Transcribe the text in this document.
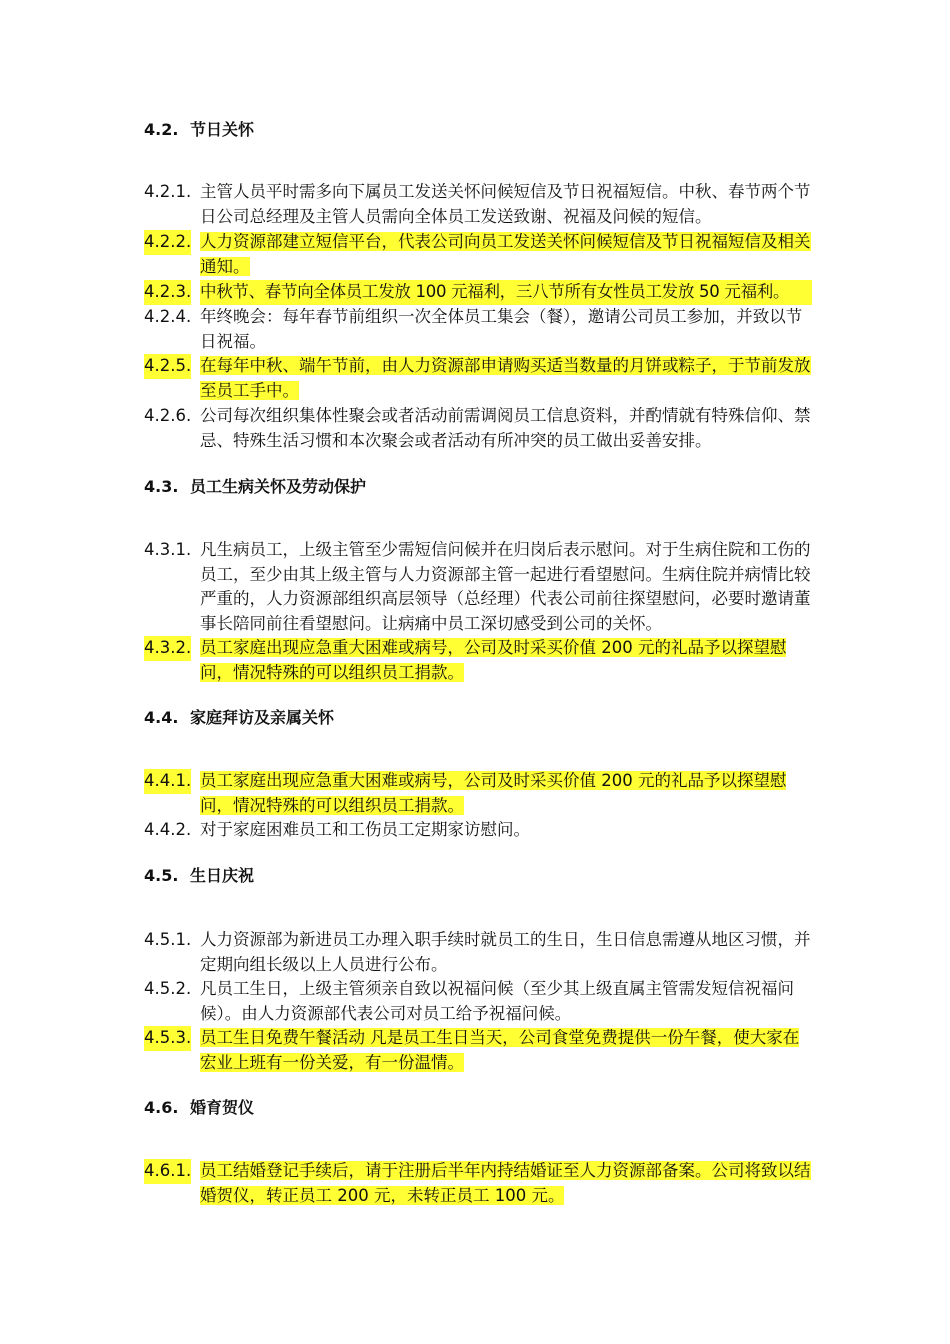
4.2. 节日关怀
4.2.1. 主管人员平时需多向下属员工发送关怀问候短信及节日祝福短信。中秋、春节两个节日公司总经理及主管人员需向全体员工发送致谢、祝福及问候的短信。
4.2.2. 人力资源部建立短信平台，代表公司向员工发送关怀问候短信及节日祝福短信及相关通知。
4.2.3. 中秋节、春节向全体员工发放 100 元福利，三八节所有女性员工发放 50 元福利。
4.2.4. 年终晚会：每年春节前组织一次全体员工集会（餐），邀请公司员工参加，并致以节日祝福。
4.2.5. 在每年中秋、端午节前，由人力资源部申请购买适当数量的月饼或粽子，于节前发放至员工手中。
4.2.6. 公司每次组织集体性聚会或者活动前需调阅员工信息资料，并酌情就有特殊信仰、禁忌、特殊生活习惯和本次聚会或者活动有所冲突的员工做出妥善安排。
4.3. 员工生病关怀及劳动保护
4.3.1. 凡生病员工，上级主管至少需短信问候并在归岗后表示慰问。对于生病住院和工伤的员工，至少由其上级主管与人力资源部主管一起进行看望慰问。生病住院并病情比较严重的，人力资源部组织高层领导（总经理）代表公司前往探望慰问，必要时邀请董事长陪同前往看望慰问。让病痛中员工深切感受到公司的关怀。
4.3.2. 员工家庭出现应急重大困难或病号，公司及时采买价值 200 元的礼品予以探望慰问，情况特殊的可以组织员工捐款。
4.4. 家庭拜访及亲属关怀
4.4.1. 员工家庭出现应急重大困难或病号，公司及时采买价值 200 元的礼品予以探望慰问，情况特殊的可以组织员工捐款。
4.4.2. 对于家庭困难员工和工伤员工定期家访慰问。
4.5. 生日庆祝
4.5.1. 人力资源部为新进员工办理入职手续时就员工的生日，生日信息需遵从地区习惯，并定期向组长级以上人员进行公布。
4.5.2. 凡员工生日，上级主管须亲自致以祝福问候（至少其上级直属主管需发短信祝福问候）。由人力资源部代表公司对员工给予祝福问候。
4.5.3. 员工生日免费午餐活动 凡是员工生日当天，公司食堂免费提供一份午餐，使大家在宏业上班有一份关爱，有一份温情。
4.6. 婚育贺仪
4.6.1. 员工结婚登记手续后，请于注册后半年内持结婚证至人力资源部备案。公司将致以结婚贺仪，转正员工 200 元，未转正员工 100 元。
